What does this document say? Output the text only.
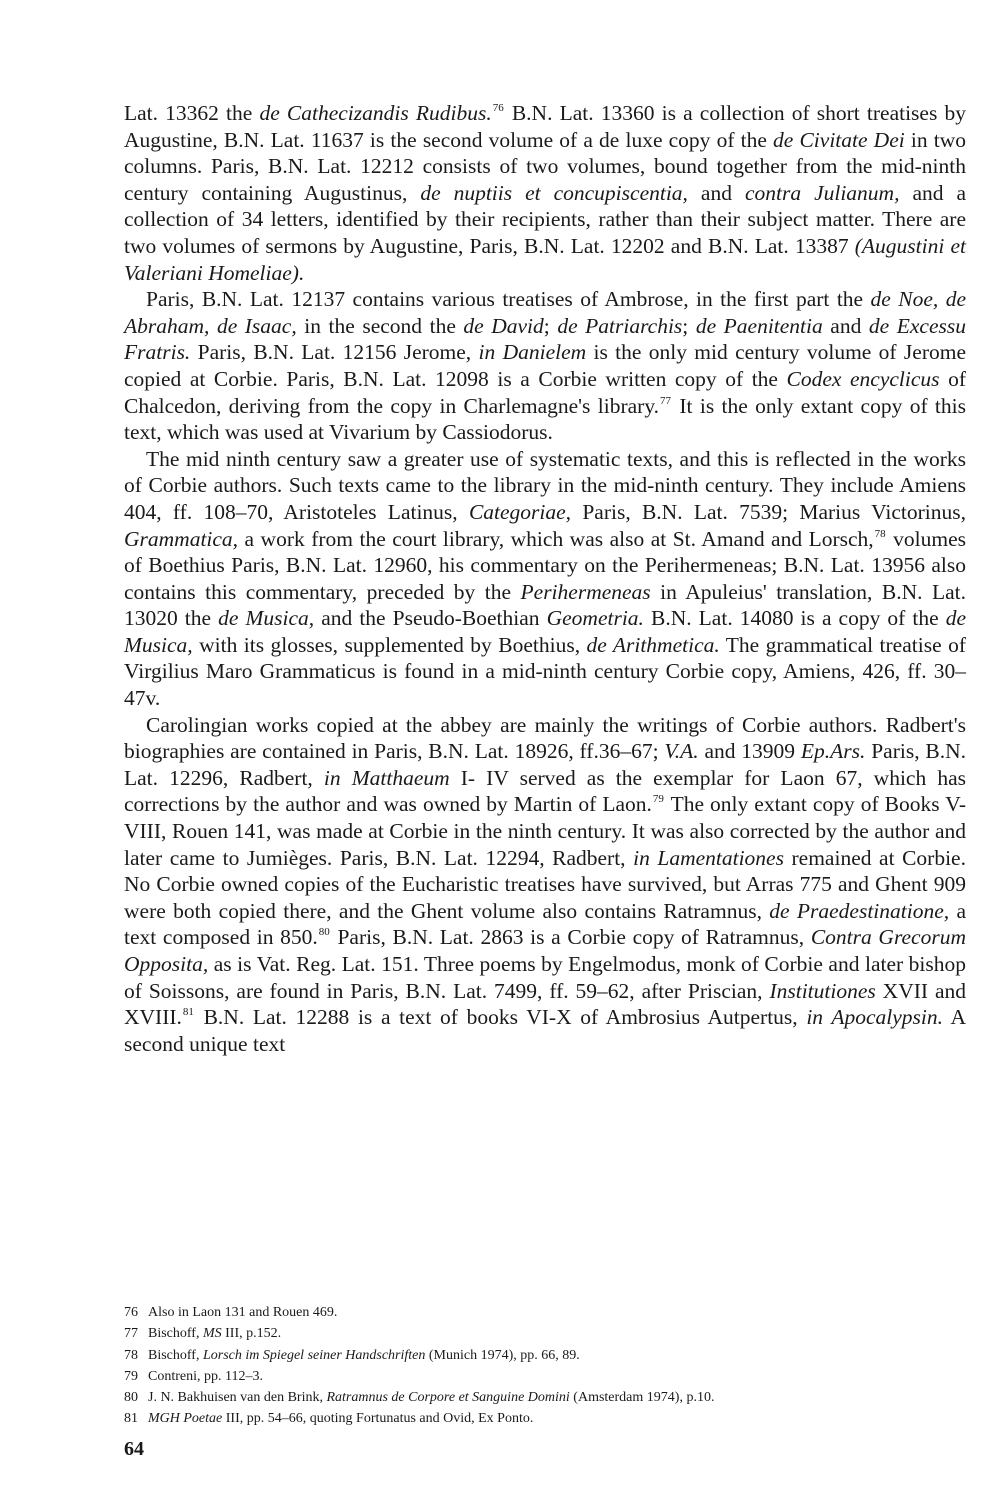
Lat. 13362 the de Cathecizandis Rudibus.$^{76}$ B.N. Lat. 13360 is a collection of short treatises by Augustine, B.N. Lat. 11637 is the second volume of a de luxe copy of the de Civitate Dei in two columns. Paris, B.N. Lat. 12212 consists of two volumes, bound together from the mid-ninth century containing Augustinus, de nuptiis et concupiscentia, and contra Julianum, and a collection of 34 letters, identified by their recipients, rather than their subject matter. There are two volumes of sermons by Augustine, Paris, B.N. Lat. 12202 and B.N. Lat. 13387 (Augustini et Valeriani Homeliae).

Paris, B.N. Lat. 12137 contains various treatises of Ambrose, in the first part the de Noe, de Abraham, de Isaac, in the second the de David; de Patriarchis; de Paenitentia and de Excessu Fratris. Paris, B.N. Lat. 12156 Jerome, in Danielem is the only mid century volume of Jerome copied at Corbie. Paris, B.N. Lat. 12098 is a Corbie written copy of the Codex encyclicus of Chalcedon, deriving from the copy in Charlemagne's library.$^{77}$ It is the only extant copy of this text, which was used at Vivarium by Cassiodorus.

The mid ninth century saw a greater use of systematic texts, and this is reflected in the works of Corbie authors. Such texts came to the library in the mid-ninth century. They include Amiens 404, ff. 108–70, Aristoteles Latinus, Categoriae, Paris, B.N. Lat. 7539; Marius Victorinus, Grammatica, a work from the court library, which was also at St. Amand and Lorsch,$^{78}$ volumes of Boethius Paris, B.N. Lat. 12960, his commentary on the Perihermeneas; B.N. Lat. 13956 also contains this commentary, preceded by the Perihermeneas in Apuleius' translation, B.N. Lat. 13020 the de Musica, and the Pseudo-Boethian Geometria. B.N. Lat. 14080 is a copy of the de Musica, with its glosses, supplemented by Boethius, de Arithmetica. The grammatical treatise of Virgilius Maro Grammaticus is found in a mid-ninth century Corbie copy, Amiens, 426, ff. 30–47v.

Carolingian works copied at the abbey are mainly the writings of Corbie authors. Radbert's biographies are contained in Paris, B.N. Lat. 18926, ff.36–67; V.A. and 13909 Ep.Ars. Paris, B.N. Lat. 12296, Radbert, in Matthaeum I- IV served as the exemplar for Laon 67, which has corrections by the author and was owned by Martin of Laon.$^{79}$ The only extant copy of Books V-VIII, Rouen 141, was made at Corbie in the ninth century. It was also corrected by the author and later came to Jumièges. Paris, B.N. Lat. 12294, Radbert, in Lamentationes remained at Corbie. No Corbie owned copies of the Eucharistic treatises have survived, but Arras 775 and Ghent 909 were both copied there, and the Ghent volume also contains Ratramnus, de Praedestinatione, a text composed in 850.80 Paris, B.N. Lat. 2863 is a Corbie copy of Ratramnus, Contra Grecorum Opposita, as is Vat. Reg. Lat. 151. Three poems by Engelmodus, monk of Corbie and later bishop of Soissons, are found in Paris, B.N. Lat. 7499, ff. 59–62, after Priscian, Institutiones XVII and XVIII.$^{81}$ B.N. Lat. 12288 is a text of books VI-X of Ambrosius Autpertus, in Apocalypsin. A second unique text

76 Also in Laon 131 and Rouen 469.
77 Bischoff, MS III, p.152.
78 Bischoff, Lorsch im Spiegel seiner Handschriften (Munich 1974), pp. 66, 89.
79 Contreni, pp. 112–3.
80 J. N. Bakhuisen van den Brink, Ratramnus de Corpore et Sanguine Domini (Amsterdam 1974), p.10.
81 MGH Poetae III, pp. 54–66, quoting Fortunatus and Ovid, Ex Ponto.
64
